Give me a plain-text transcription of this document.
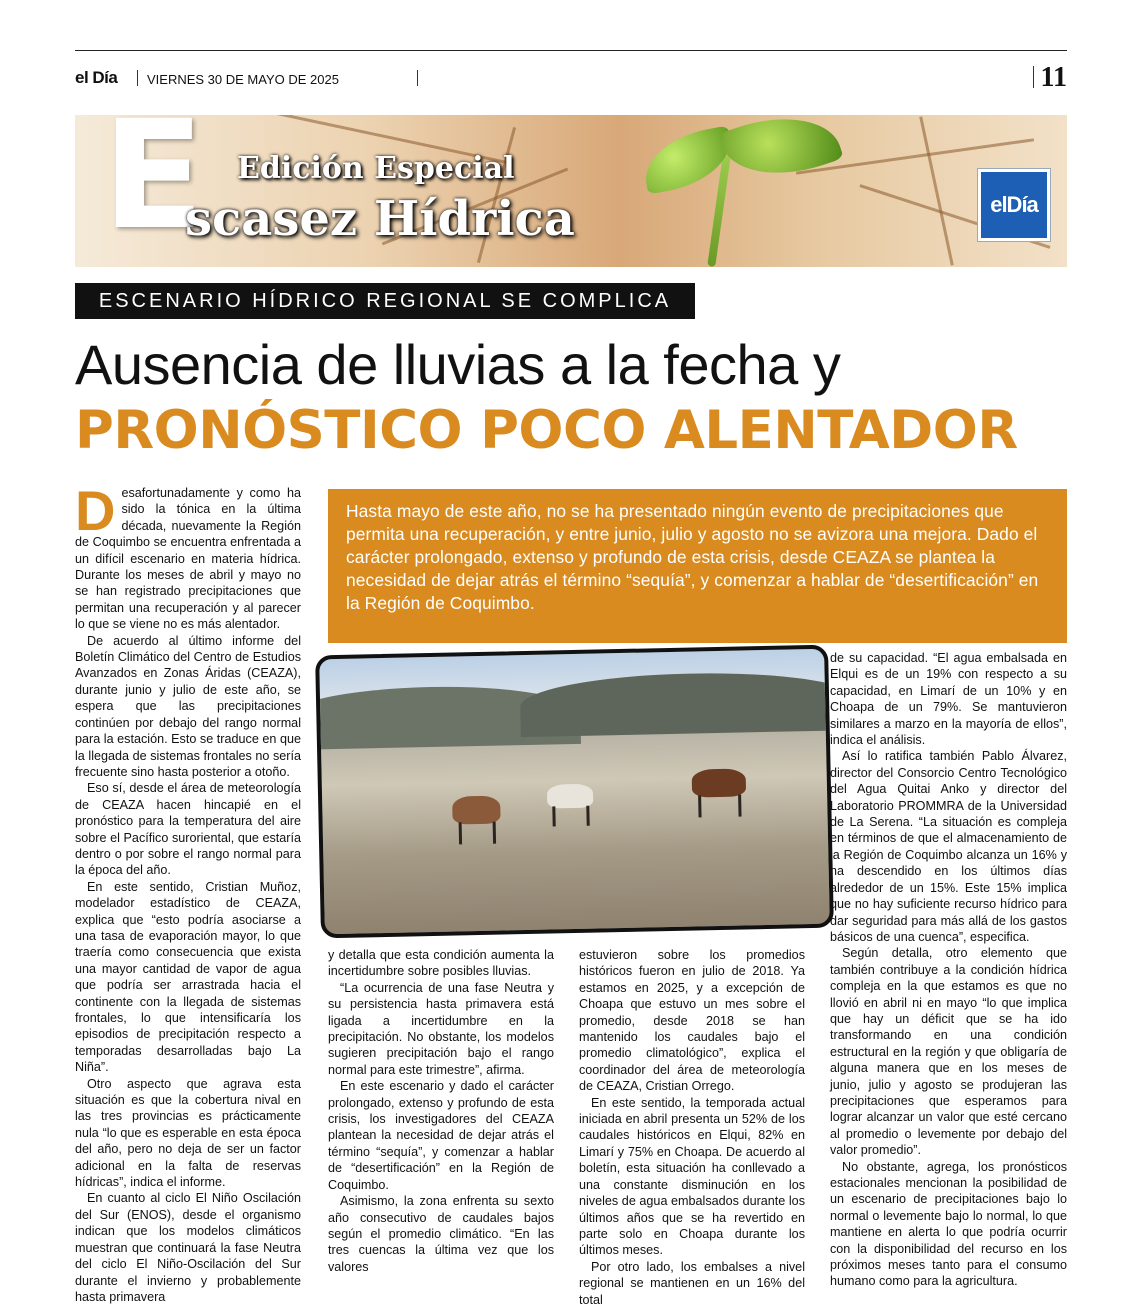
el Día VIERNES 30 DE MAYO DE 2025	11
E Edición Especial
scasez Hídrica	elDía
ESCENARIO HÍDRICO REGIONAL SE COMPLICA
Ausencia de lluvias a la fecha y
PRONÓSTICO POCO ALENTADOR
Hasta mayo de este año, no se ha presentado ningún evento de precipitaciones que permita una recuperación, y entre junio, julio y agosto no se avizora una mejora. Dado el carácter prolongado, extenso y profundo de esta crisis, desde CEAZA se plantea la necesidad de dejar atrás el término “sequía”, y comenzar a hablar de “desertificación” en la Región de Coquimbo.

Desafortunadamente y como ha sido la tónica en la última década, nuevamente la Región de Coquimbo se encuentra enfrentada a un difícil escenario en materia hídrica. Durante los meses de abril y mayo no se han registrado precipitaciones que permitan una recuperación y al parecer lo que se viene no es más alentador.

De acuerdo al último informe del Boletín Climático del Centro de Estudios Avanzados en Zonas Áridas (CEAZA), durante junio y julio de este año, se espera que las precipitaciones continúen por debajo del rango normal para la estación. Esto se traduce en que la llegada de sistemas frontales no sería frecuente sino hasta posterior a otoño.

Eso sí, desde el área de meteorología de CEAZA hacen hincapié en el pronóstico para la temperatura del aire sobre el Pacífico suroriental, que estaría dentro o por sobre el rango normal para la época del año.

En este sentido, Cristian Muñoz, modelador estadístico de CEAZA, explica que “esto podría asociarse a una tasa de evaporación mayor, lo que traería como consecuencia que exista una mayor cantidad de vapor de agua que podría ser arrastrada hacia el continente con la llegada de sistemas frontales, lo que intensificaría los episodios de precipitación respecto a temporadas desarrolladas bajo La Niña”.

Otro aspecto que agrava esta situación es que la cobertura nival en las tres provincias es prácticamente nula “lo que es esperable en esta época del año, pero no deja de ser un factor adicional en la falta de reservas hídricas”, indica el informe.

En cuanto al ciclo El Niño Oscilación del Sur (ENOS), desde el organismo indican que los modelos climáticos muestran que continuará la fase Neutra del ciclo El Niño-Oscilación del Sur durante el invierno y probablemente hasta primavera

y detalla que esta condición aumenta la incertidumbre sobre posibles lluvias.

“La ocurrencia de una fase Neutra y su persistencia hasta primavera está ligada a incertidumbre en la precipitación. No obstante, los modelos sugieren precipitación bajo el rango normal para este trimestre”, afirma.

En este escenario y dado el carácter prolongado, extenso y profundo de esta crisis, los investigadores del CEAZA plantean la necesidad de dejar atrás el término “sequía”, y comenzar a hablar de “desertificación” en la Región de Coquimbo.

Asimismo, la zona enfrenta su sexto año consecutivo de caudales bajos según el promedio climático. “En las tres cuencas la última vez que los valores

estuvieron sobre los promedios históricos fueron en julio de 2018. Ya estamos en 2025, y a excepción de Choapa que estuvo un mes sobre el promedio, desde 2018 se han mantenido los caudales bajo el promedio climatológico”, explica el coordinador del área de meteorología de CEAZA, Cristian Orrego.

En este sentido, la temporada actual iniciada en abril presenta un 52% de los caudales históricos en Elqui, 82% en Limarí y 75% en Choapa. De acuerdo al boletín, esta situación ha conllevado a una constante disminución en los niveles de agua embalsados durante los últimos años que se ha revertido en parte solo en Choapa durante los últimos meses.

Por otro lado, los embalses a nivel regional se mantienen en un 16% del total

de su capacidad. “El agua embalsada en Elqui es de un 19% con respecto a su capacidad, en Limarí de un 10% y en Choapa de un 79%. Se mantuvieron similares a marzo en la mayoría de ellos”, indica el análisis.

Así lo ratifica también Pablo Álvarez, director del Consorcio Centro Tecnológico del Agua Quitai Anko y director del Laboratorio PROMMRA de la Universidad de La Serena. “La situación es compleja en términos de que el almacenamiento de la Región de Coquimbo alcanza un 16% y ha descendido en los últimos días alrededor de un 15%. Este 15% implica que no hay suficiente recurso hídrico para dar seguridad para más allá de los gastos básicos de una cuenca”, especifica.

Según detalla, otro elemento que también contribuye a la condición hídrica compleja en la que estamos es que no llovió en abril ni en mayo “lo que implica que hay un déficit que se ha ido transformando en una condición estructural en la región y que obligaría de alguna manera que en los meses de junio, julio y agosto se produjeran las precipitaciones que esperamos para lograr alcanzar un valor que esté cercano al promedio o levemente por debajo del valor promedio”.

No obstante, agrega, los pronósticos estacionales mencionan la posibilidad de un escenario de precipitaciones bajo lo normal o levemente bajo lo normal, lo que mantiene en alerta lo que podría ocurrir con la disponibilidad del recurso en los próximos meses tanto para el consumo humano como para la agricultura.
